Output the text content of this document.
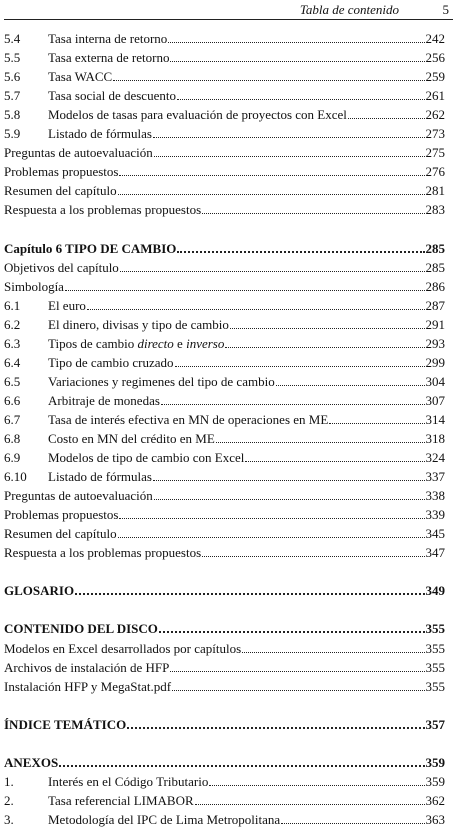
Tabla de contenido	5
5.4	Tasa interna de retorno	242
5.5	Tasa externa de retorno	256
5.6	Tasa WACC	259
5.7	Tasa social de descuento	261
5.8	Modelos de tasas para evaluación de proyectos con Excel	262
5.9	Listado de fórmulas	273
Preguntas de autoevaluación	275
Problemas propuestos	276
Resumen del capítulo	281
Respuesta a los problemas propuestos	283
Capítulo 6 TIPO DE CAMBIO	285
Objetivos del capítulo	285
Simbología	286
6.1	El euro	287
6.2	El dinero, divisas y tipo de cambio	291
6.3	Tipos de cambio directo e inverso	293
6.4	Tipo de cambio cruzado	299
6.5	Variaciones y regimenes del tipo de cambio	304
6.6	Arbitraje de monedas	307
6.7	Tasa de interés efectiva en MN de operaciones en ME	314
6.8	Costo en MN del crédito en ME	318
6.9	Modelos de tipo de cambio con Excel	324
6.10	Listado de fórmulas	337
Preguntas de autoevaluación	338
Problemas propuestos	339
Resumen del capítulo	345
Respuesta a los problemas propuestos	347
GLOSARIO	349
CONTENIDO DEL DISCO	355
Modelos en Excel desarrollados por capítulos	355
Archivos de instalación de HFP	355
Instalación HFP y MegaStat.pdf	355
ÍNDICE TEMÁTICO	357
ANEXOS	359
1.	Interés en el Código Tributario	359
2.	Tasa referencial LIMABOR	362
3.	Metodología del IPC de Lima Metropolitana	363
